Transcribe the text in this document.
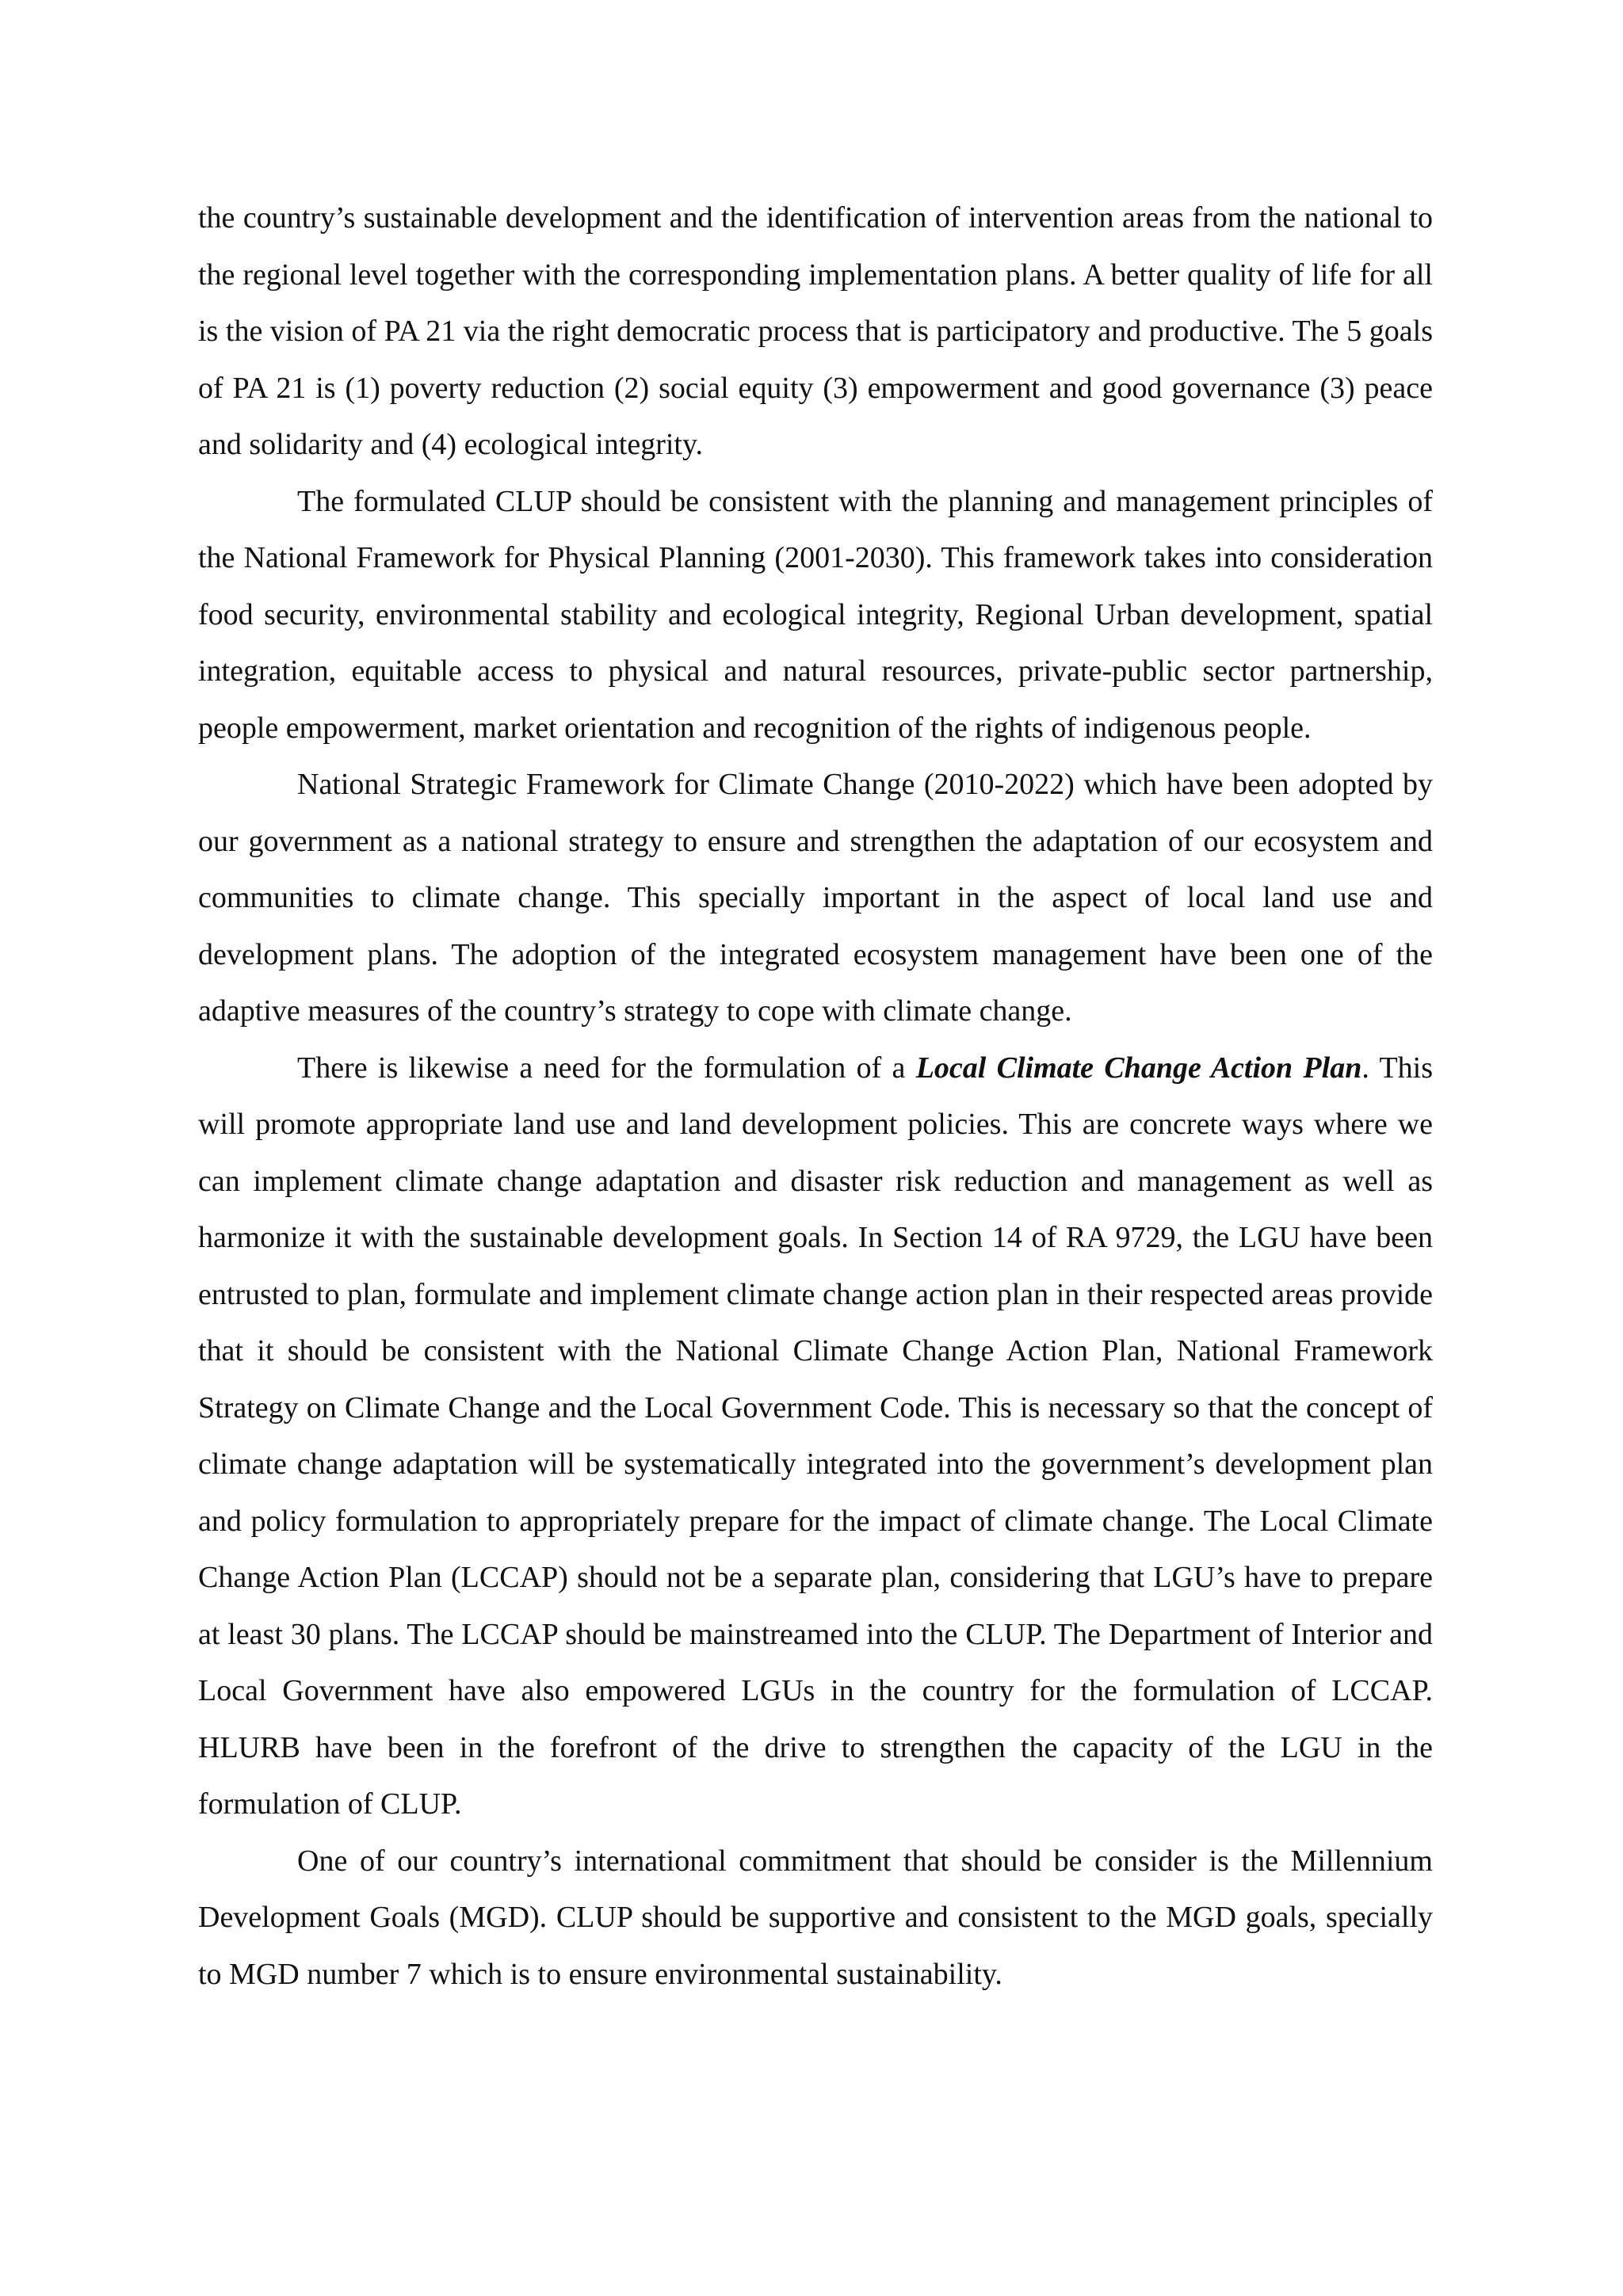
the country’s sustainable development and the identification of intervention areas from the national to the regional level together with the corresponding implementation plans. A better quality of life for all is the vision of PA 21 via the right democratic process that is participatory and productive. The 5 goals of PA 21 is (1) poverty reduction (2) social equity (3) empowerment and good governance (3) peace and solidarity and (4) ecological integrity.

The formulated CLUP should be consistent with the planning and management principles of the National Framework for Physical Planning (2001-2030). This framework takes into consideration food security, environmental stability and ecological integrity, Regional Urban development, spatial integration, equitable access to physical and natural resources, private-public sector partnership, people empowerment, market orientation and recognition of the rights of indigenous people.

National Strategic Framework for Climate Change (2010-2022) which have been adopted by our government as a national strategy to ensure and strengthen the adaptation of our ecosystem and communities to climate change. This specially important in the aspect of local land use and development plans. The adoption of the integrated ecosystem management have been one of the adaptive measures of the country’s strategy to cope with climate change.

There is likewise a need for the formulation of a Local Climate Change Action Plan. This will promote appropriate land use and land development policies. This are concrete ways where we can implement climate change adaptation and disaster risk reduction and management as well as harmonize it with the sustainable development goals. In Section 14 of RA 9729, the LGU have been entrusted to plan, formulate and implement climate change action plan in their respected areas provide that it should be consistent with the National Climate Change Action Plan, National Framework Strategy on Climate Change and the Local Government Code. This is necessary so that the concept of climate change adaptation will be systematically integrated into the government’s development plan and policy formulation to appropriately prepare for the impact of climate change. The Local Climate Change Action Plan (LCCAP) should not be a separate plan, considering that LGU’s have to prepare at least 30 plans. The LCCAP should be mainstreamed into the CLUP. The Department of Interior and Local Government have also empowered LGUs in the country for the formulation of LCCAP. HLURB have been in the forefront of the drive to strengthen the capacity of the LGU in the formulation of CLUP.

One of our country’s international commitment that should be consider is the Millennium Development Goals (MGD). CLUP should be supportive and consistent to the MGD goals, specially to MGD number 7 which is to ensure environmental sustainability.
